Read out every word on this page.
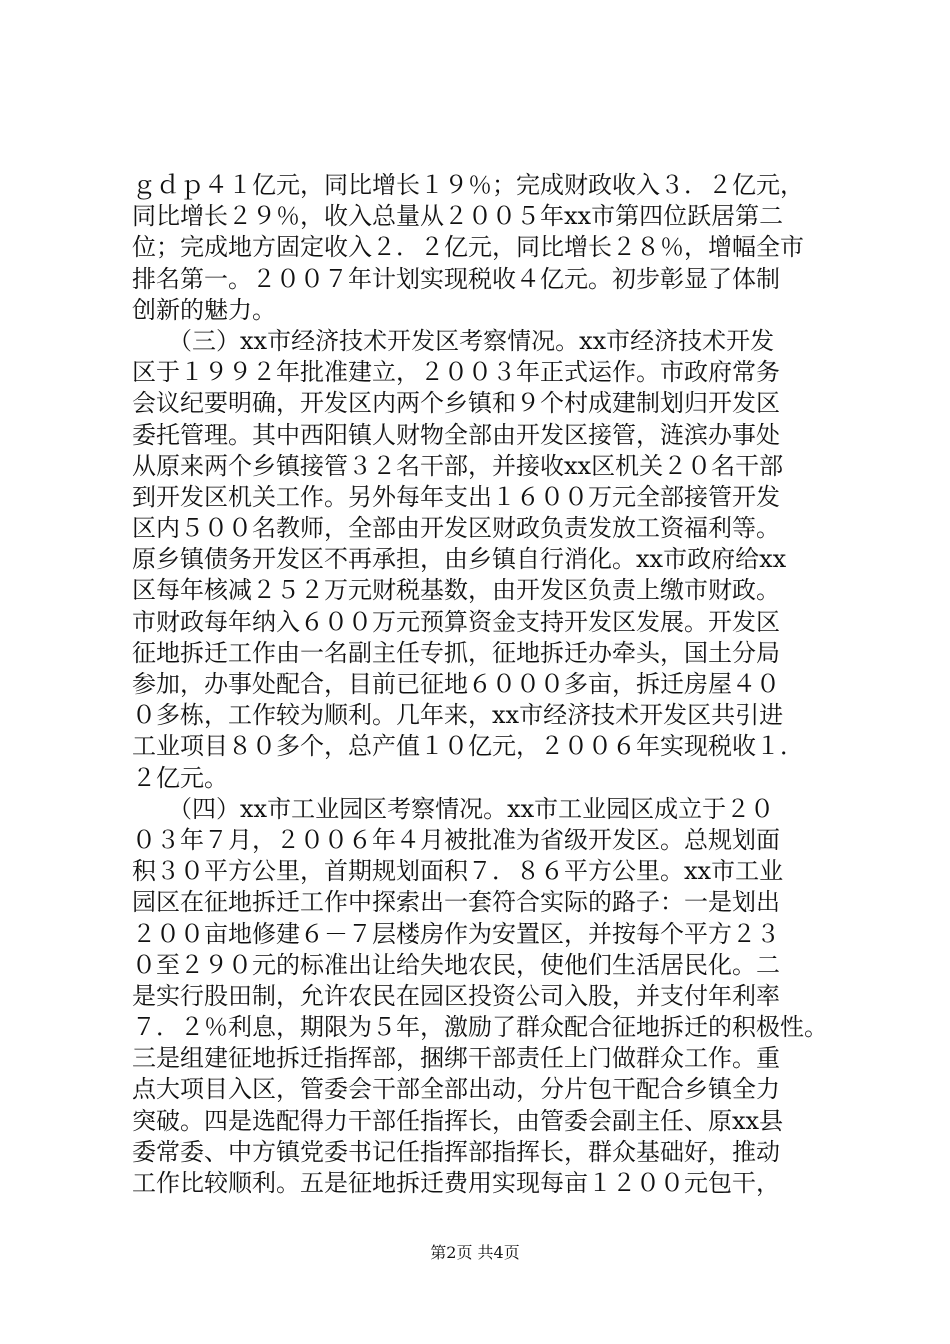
ｇｄｐ４１亿元，同比增长１９％；完成财政收入３．２亿元，
同比增长２９％，收入总量从２００５年xx市第四位跃居第二
位；完成地方固定收入２．２亿元，同比增长２８％，增幅全市
排名第一。２００７年计划实现税收４亿元。初步彰显了体制
创新的魅力。
　　（三）xx市经济技术开发区考察情况。xx市经济技术开发
区于１９９２年批准建立，２００３年正式运作。市政府常务
会议纪要明确，开发区内两个乡镇和９个村成建制划归开发区
委托管理。其中西阳镇人财物全部由开发区接管，涟滨办事处
从原来两个乡镇接管３２名干部，并接收xx区机关２０名干部
到开发区机关工作。另外每年支出１６００万元全部接管开发
区内５００名教师，全部由开发区财政负责发放工资福利等。
原乡镇债务开发区不再承担，由乡镇自行消化。xx市政府给xx
区每年核减２５２万元财税基数，由开发区负责上缴市财政。
市财政每年纳入６００万元预算资金支持开发区发展。开发区
征地拆迁工作由一名副主任专抓，征地拆迁办牵头，国土分局
参加，办事处配合，目前已征地６０００多亩，拆迁房屋４０
０多栋，工作较为顺利。几年来，xx市经济技术开发区共引进
工业项目８０多个，总产值１０亿元，２００６年实现税收１．
２亿元。
　　（四）xx市工业园区考察情况。xx市工业园区成立于２０
０３年７月，２００６年４月被批准为省级开发区。总规划面
积３０平方公里，首期规划面积７．８６平方公里。xx市工业
园区在征地拆迁工作中探索出一套符合实际的路子：一是划出
２００亩地修建６－７层楼房作为安置区，并按每个平方２３
０至２９０元的标准出让给失地农民，使他们生活居民化。二
是实行股田制，允许农民在园区投资公司入股，并支付年利率
７．２％利息，期限为５年，激励了群众配合征地拆迁的积极性。
三是组建征地拆迁指挥部，捆绑干部责任上门做群众工作。重
点大项目入区，管委会干部全部出动，分片包干配合乡镇全力
突破。四是选配得力干部任指挥长，由管委会副主任、原xx县
委常委、中方镇党委书记任指挥部指挥长，群众基础好，推动
工作比较顺利。五是征地拆迁费用实现每亩１２００元包干，
第2页 共4页
